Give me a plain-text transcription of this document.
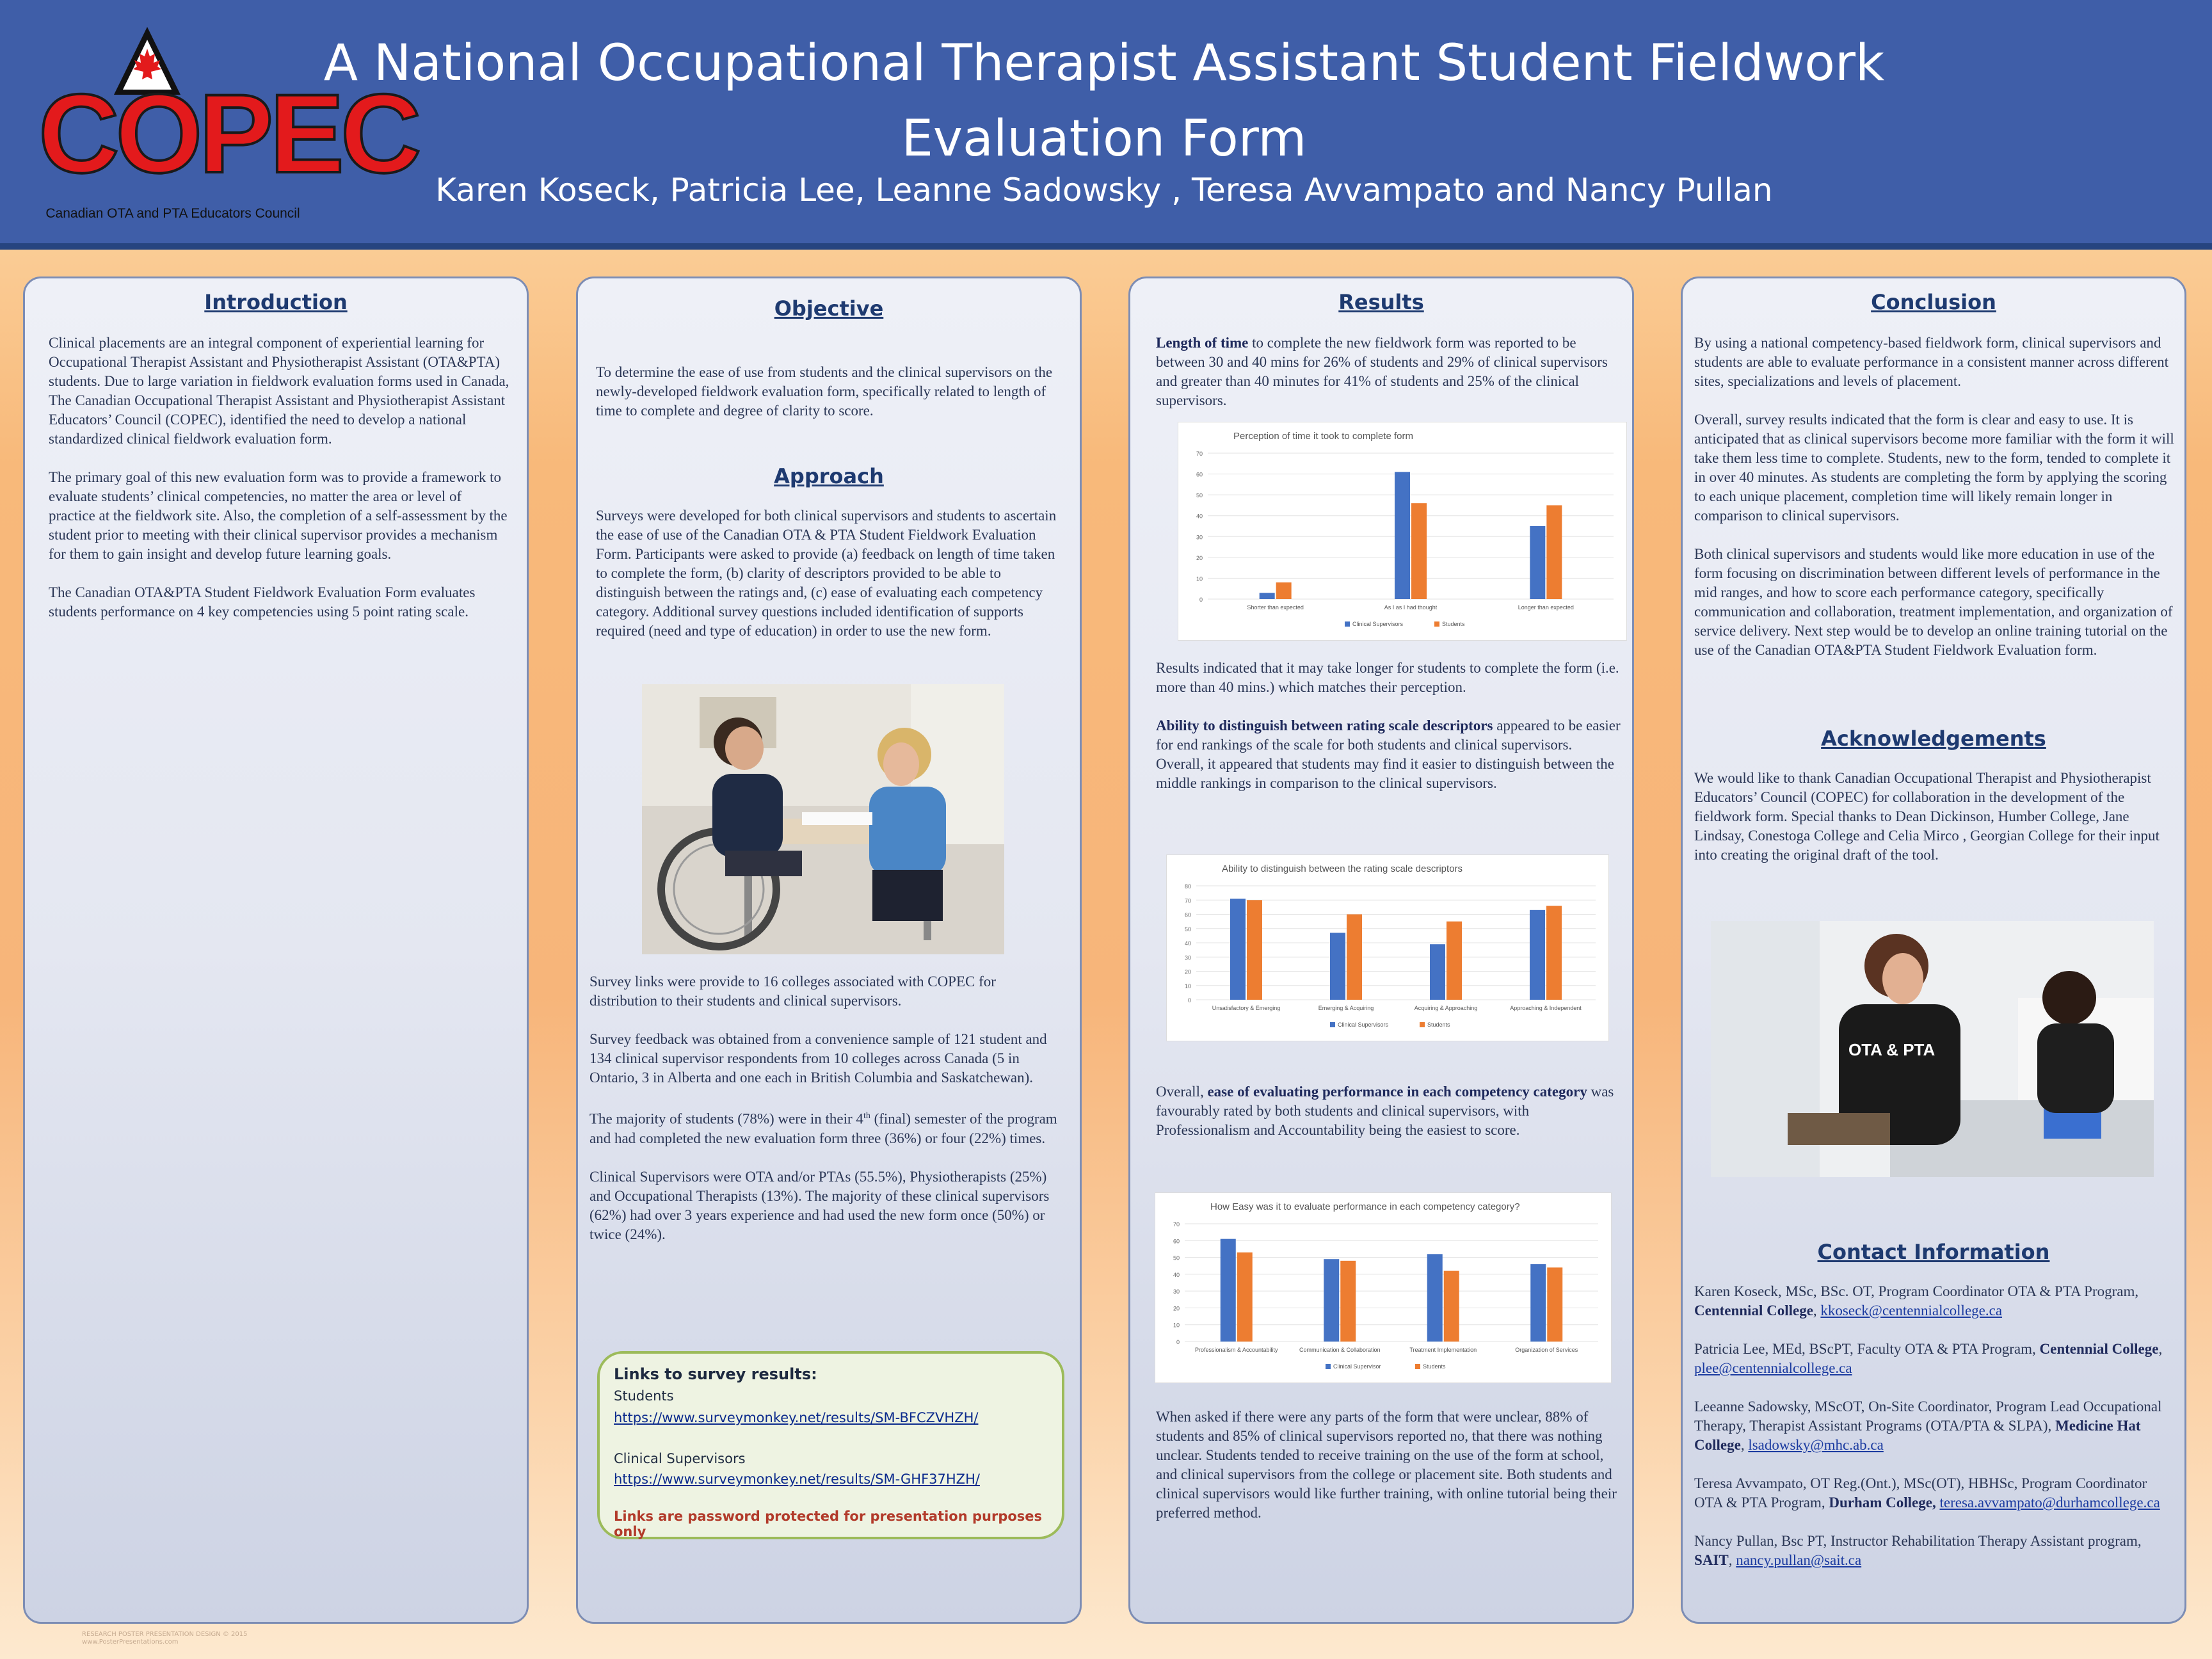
COPEC
Canadian OTA and PTA Educators Council
A National Occupational Therapist Assistant Student Fieldwork
Evaluation Form
Karen Koseck, Patricia Lee, Leanne Sadowsky , Teresa Avvampato and Nancy Pullan
Introduction

Clinical placements are an integral component of experiential learning for Occupational Therapist Assistant and Physiotherapist Assistant (OTA&PTA) students. Due to large variation in fieldwork evaluation forms used in Canada, The Canadian Occupational Therapist Assistant and Physiotherapist Assistant Educators’ Council (COPEC), identified the need to develop a national standardized clinical fieldwork evaluation form.

The primary goal of this new evaluation form was to provide a framework to evaluate students’ clinical competencies, no matter the area or level of practice at the fieldwork site. Also, the completion of a self-assessment by the student prior to meeting with their clinical supervisor provides a mechanism for them to gain insight and develop future learning goals.

The Canadian OTA&PTA Student Fieldwork Evaluation Form evaluates students performance on 4 key competencies using 5 point rating scale.

Objective
To determine the ease of use from students and the clinical supervisors on the newly-developed fieldwork evaluation form, specifically related to length of time to complete and degree of clarity to score.
Approach
Surveys were developed for both clinical supervisors and students to ascertain the ease of use of the Canadian OTA & PTA Student Fieldwork Evaluation Form. Participants were asked to provide (a) feedback on length of time taken to complete the form, (b) clarity of descriptors provided to be able to distinguish between the ratings and, (c) ease of evaluating each competency category. Additional survey questions included identification of supports required (need and type of education) in order to use the new form.

Survey links were provide to 16 colleges associated with COPEC for distribution to their students and clinical supervisors.

Survey feedback was obtained from a convenience sample of 121 student and 134 clinical supervisor respondents from 10 colleges across Canada (5 in Ontario, 3 in Alberta and one each in British Columbia and Saskatchewan).

The majority of students (78%) were in their 4th (final) semester of the program and had completed the new evaluation form three (36%) or four (22%) times.

Clinical Supervisors were OTA and/or PTAs (55.5%), Physiotherapists (25%) and Occupational Therapists (13%). The majority of these clinical supervisors (62%) had over 3 years experience and had used the new form once (50%) or twice (24%).

Links to survey results:
Students
https://www.surveymonkey.net/results/SM-BFCZVHZH/
Clinical Supervisors
https://www.surveymonkey.net/results/SM-GHF37HZH/
Links are password protected for presentation purposes only
Results
Length of time to complete the new fieldwork form was reported to be between 30 and 40 mins for 26% of students and 29% of clinical supervisors and greater than 40 minutes for 41% of students and 25% of the clinical supervisors.
Perception of time it took to complete form
0
10
20
30
40
50
60
70
Shorter than expected	As I as I had thought	Longer than expected
Clinical Supervisors	Students
Results indicated that it may take longer for students to complete the form (i.e. more than 40 mins.) which matches their perception.
Ability to distinguish between rating scale descriptors appeared to be easier for end rankings of the scale for both students and clinical supervisors. Overall, it appeared that students may find it easier to distinguish between the middle rankings in comparison to the clinical supervisors.
Ability to distinguish between the rating scale descriptors
0
10
20
30
40
50
60
70
80
Unsatisfactory & Emerging	Emerging & Acquiring	Acquiring & Approaching	Approaching & Independent
Clinical Supervisors	Students
Overall, ease of evaluating performance in each competency category was favourably rated by both students and clinical supervisors, with Professionalism and Accountability being the easiest to score.
How Easy was it to evaluate performance in each competency category?
0
10
20
30
40
50
60
70
Professionalism & Accountability	Communication & Collaboration	Treatment Implementation	Organization of Services
Clinical Supervisor	Students
When asked if there were any parts of the form that were unclear, 88% of students and 85% of clinical supervisors reported no, that there was nothing unclear. Students tended to receive training on the use of the form at school, and clinical supervisors from the college or placement site. Both students and clinical supervisors would like further training, with online tutorial being their preferred method.
Conclusion

By using a national competency-based fieldwork form, clinical supervisors and students are able to evaluate performance in a consistent manner across different sites, specializations and levels of placement.

Overall, survey results indicated that the form is clear and easy to use. It is anticipated that as clinical supervisors become more familiar with the form it will take them less time to complete. Students, new to the form, tended to complete it in over 40 minutes. As students are completing the form by applying the scoring to each unique placement, completion time will likely remain longer in comparison to clinical supervisors.

Both clinical supervisors and students would like more education in use of the form focusing on discrimination between different levels of performance in the mid ranges, and how to score each performance category, specifically communication and collaboration, treatment implementation, and organization of service delivery. Next step would be to develop an online training tutorial on the use of the Canadian OTA&PTA Student Fieldwork Evaluation form.

Acknowledgements
We would like to thank Canadian Occupational Therapist and Physiotherapist Educators’ Council (COPEC) for collaboration in the development of the fieldwork form. Special thanks to Dean Dickinson, Humber College, Jane Lindsay, Conestoga College and Celia Mirco , Georgian College for their input into creating the original draft of the tool.
OTA & PTA
Contact Information

Karen Koseck, MSc, BSc. OT, Program Coordinator OTA & PTA Program, Centennial College, kkoseck@centennialcollege.ca

Patricia Lee, MEd, BScPT, Faculty OTA & PTA Program, Centennial College, plee@centennialcollege.ca

Leeanne Sadowsky, MScOT, On-Site Coordinator, Program Lead Occupational Therapy, Therapist Assistant Programs (OTA/PTA & SLPA), Medicine Hat College, lsadowsky@mhc.ab.ca

Teresa Avvampato, OT Reg.(Ont.), MSc(OT), HBHSc, Program Coordinator OTA & PTA Program, Durham College, teresa.avvampato@durhamcollege.ca

Nancy Pullan, Bsc PT, Instructor Rehabilitation Therapy Assistant program, SAIT, nancy.pullan@sait.ca

RESEARCH POSTER PRESENTATION DESIGN © 2015
www.PosterPresentations.com
